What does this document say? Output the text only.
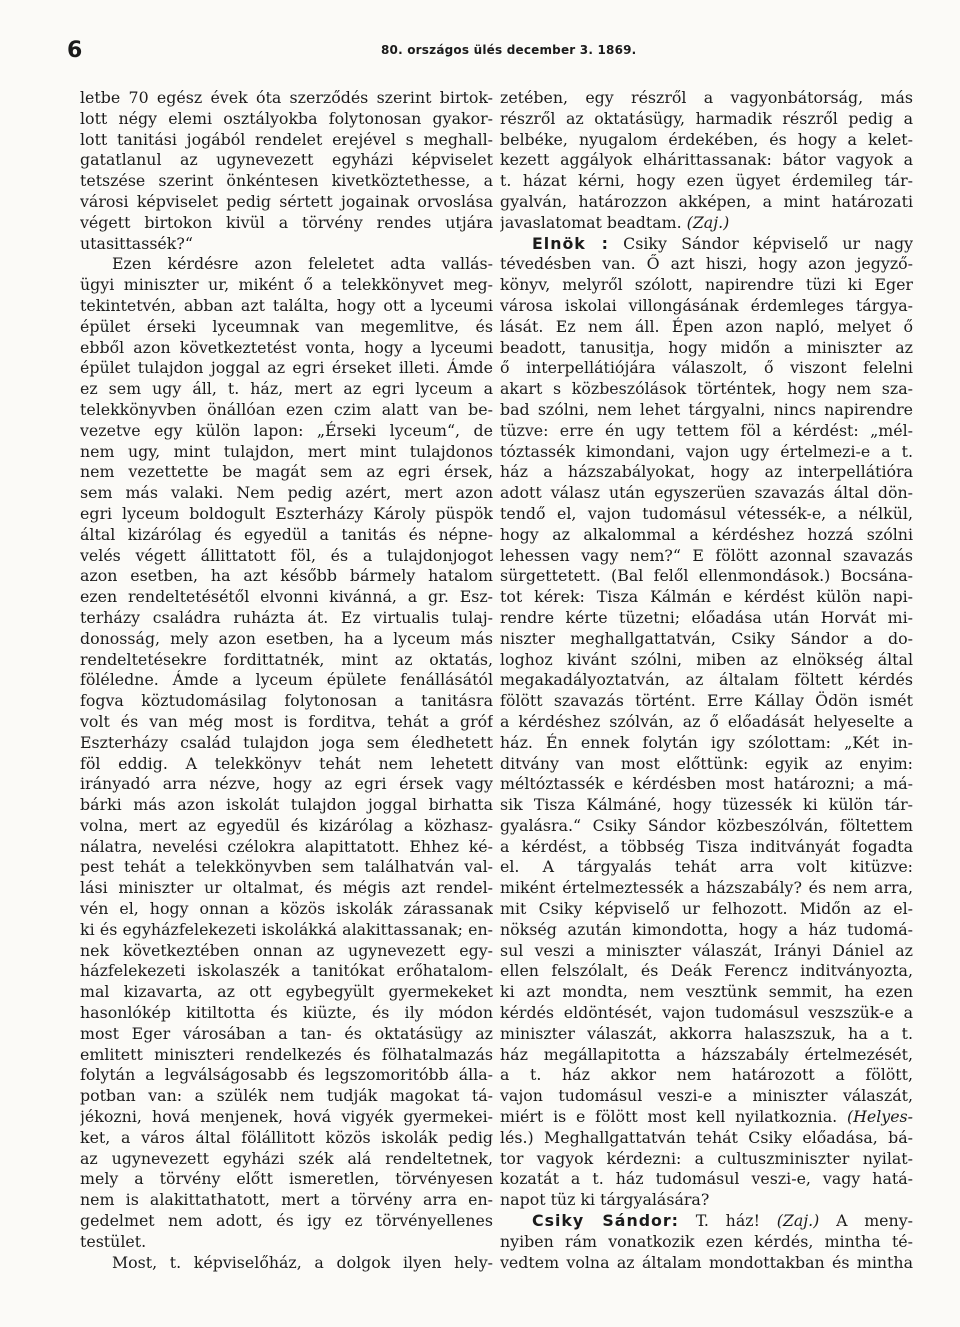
6	80. országos ülés december 3. 1869.
letbe 70 egész évek óta szerződés szerint birtok-
lott négy elemi osztályokba folytonosan gyakor-
lott tanitási jogából rendelet erejével s meghall-
gatatlanul az ugynevezett egyházi képviselet
tetszése szerint önkéntesen kivetköztethesse, a
városi képviselet pedig sértett jogainak orvoslása
végett birtokon kivül a törvény rendes utjára
utasittassék?“
Ezen kérdésre azon feleletet adta vallás-
ügyi miniszter ur, miként ő a telekkönyvet meg-
tekintetvén, abban azt találta, hogy ott a lyceumi
épület érseki lyceumnak van megemlitve, és
ebből azon következtetést vonta, hogy a lyceumi
épület tulajdon joggal az egri érseket illeti. Ámde
ez sem ugy áll, t. ház, mert az egri lyceum a
telekkönyvben önállóan ezen czim alatt van be-
vezetve egy külön lapon: „Érseki lyceum“, de
nem ugy, mint tulajdon, mert mint tulajdonos
nem vezettette be magát sem az egri érsek,
sem más valaki. Nem pedig azért, mert azon
egri lyceum boldogult Eszterházy Károly püspök
által kizárólag és egyedül a tanitás és népne-
velés végett állittatott föl, és a tulajdonjogot
azon esetben, ha azt később bármely hatalom
ezen rendeltetésétől elvonni kivánná, a gr. Esz-
terházy családra ruházta át. Ez virtualis tulaj-
donosság, mely azon esetben, ha a lyceum más
rendeltetésekre fordittatnék, mint az oktatás,
föléledne. Ámde a lyceum épülete fenállásától
fogva köztudomásilag folytonosan a tanitásra
volt és van még most is forditva, tehát a gróf
Eszterházy család tulajdon joga sem éledhetett
föl eddig. A telekkönyv tehát nem lehetett
irányadó arra nézve, hogy az egri érsek vagy
bárki más azon iskolát tulajdon joggal birhatta
volna, mert az egyedül és kizárólag a közhasz-
nálatra, nevelési czélokra alapittatott. Ehhez ké-
pest tehát a telekkönyvben sem találhatván val-
lási miniszter ur oltalmat, és mégis azt rendel-
vén el, hogy onnan a közös iskolák zárassanak
ki és egyházfelekezeti iskolákká alakittassanak; en-
nek következtében onnan az ugynevezett egy-
házfelekezeti iskolaszék a tanitókat erőhatalom-
mal kizavarta, az ott egybegyült gyermekeket
hasonlókép kitiltotta és kiüzte, és ily módon
most Eger városában a tan- és oktatásügy az
emlitett miniszteri rendelkezés és fölhatalmazás
folytán a legválságosabb és legszomoritóbb álla-
potban van: a szülék nem tudják magokat tá-
jékozni, hová menjenek, hová vigyék gyermekei-
ket, a város által fölállitott közös iskolák pedig
az ugynevezett egyházi szék alá rendeltetnek,
mely a törvény előtt ismeretlen, törvényesen
nem is alakittathatott, mert a törvény arra en-
gedelmet nem adott, és igy ez törvényellenes
testület.
Most, t. képviselőház, a dolgok ilyen hely-
zetében, egy részről a vagyonbátorság, más
részről az oktatásügy, harmadik részről pedig a
belbéke, nyugalom érdekében, és hogy a kelet-
kezett aggályok elhárittassanak: bátor vagyok a
t. házat kérni, hogy ezen ügyet érdemileg tár-
gyalván, határozzon akképen, a mint határozati
javaslatomat beadtam. (Zaj.)
Elnök : Csiky Sándor képviselő ur nagy
tévedésben van. Ő azt hiszi, hogy azon jegyző-
könyv, melyről szólott, napirendre tüzi ki Eger
városa iskolai villongásának érdemleges tárgya-
lását. Ez nem áll. Épen azon napló, melyet ő
beadott, tanusitja, hogy midőn a miniszter az
ő interpellátiójára válaszolt, ő viszont felelni
akart s közbeszólások történtek, hogy nem sza-
bad szólni, nem lehet tárgyalni, nincs napirendre
tüzve: erre én ugy tettem föl a kérdést: „mél-
tóztassék kimondani, vajon ugy értelmezi-e a t.
ház a házszabályokat, hogy az interpellátióra
adott válasz után egyszerüen szavazás által dön-
tendő el, vajon tudomásul vétessék-e, a nélkül,
hogy az alkalommal a kérdéshez hozzá szólni
lehessen vagy nem?“ E fölött azonnal szavazás
sürgettetett. (Bal felől ellenmondások.) Bocsána-
tot kérek: Tisza Kálmán e kérdést külön napi-
rendre kérte tüzetni; előadása után Horvát mi-
niszter meghallgattatván, Csiky Sándor a do-
loghoz kivánt szólni, miben az elnökség által
megakadályoztatván, az általam föltett kérdés
fölött szavazás történt. Erre Kállay Ödön ismét
a kérdéshez szólván, az ő előadását helyeselte a
ház. Én ennek folytán igy szólottam: „Két in-
ditvány van most előttünk: egyik az enyim:
méltóztassék e kérdésben most határozni; a má-
sik Tisza Kálmáné, hogy tüzessék ki külön tár-
gyalásra.“ Csiky Sándor közbeszólván, föltettem
a kérdést, a többség Tisza inditványát fogadta
el. A tárgyalás tehát arra volt kitüzve:
miként értelmeztessék a házszabály? és nem arra,
mit Csiky képviselő ur felhozott. Midőn az el-
nökség azután kimondotta, hogy a ház tudomá-
sul veszi a miniszter válaszát, Irányi Dániel az
ellen felszólalt, és Deák Ferencz inditványozta,
ki azt mondta, nem vesztünk semmit, ha ezen
kérdés eldöntését, vajon tudomásul veszszük-e a
miniszter válaszát, akkorra halaszszuk, ha a t.
ház megállapitotta a házszabály értelmezését,
a t. ház akkor nem határozott a fölött,
vajon tudomásul veszi-e a miniszter válaszát,
miért is e fölött most kell nyilatkoznia. (Helyes-
lés.) Meghallgattatván tehát Csiky előadása, bá-
tor vagyok kérdezni: a cultuszminiszter nyilat-
kozatát a t. ház tudomásul veszi-e, vagy hatá-
napot tüz ki tárgyalására?
Csiky Sándor: T. ház! (Zaj.) A meny-
nyiben rám vonatkozik ezen kérdés, mintha té-
vedtem volna az általam mondottakban és mintha
